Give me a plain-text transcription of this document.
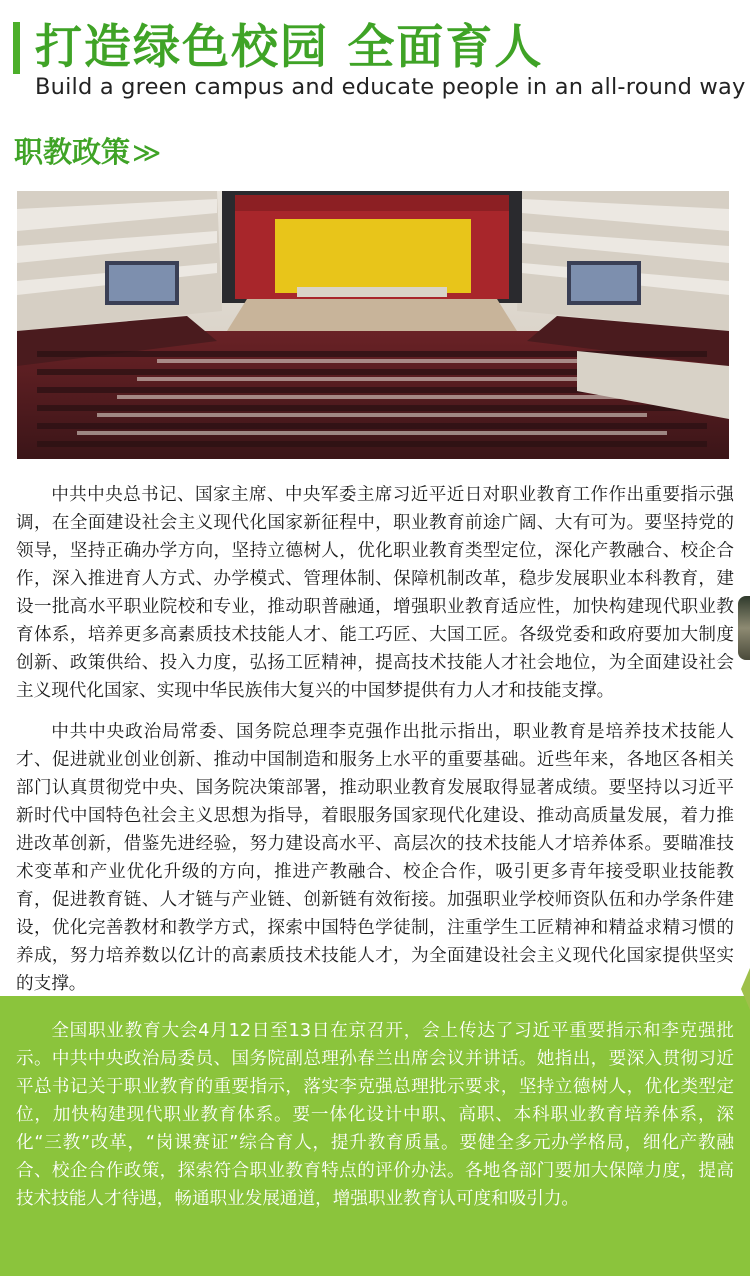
打造绿色校园 全面育人
Build a green campus and educate people in an all-round way
职教政策≫

中共中央总书记、国家主席、中央军委主席习近平近日对职业教育工作作出重要指示强调，在全面建设社会主义现代化国家新征程中，职业教育前途广阔、大有可为。要坚持党的领导，坚持正确办学方向，坚持立德树人，优化职业教育类型定位，深化产教融合、校企合作，深入推进育人方式、办学模式、管理体制、保障机制改革，稳步发展职业本科教育，建设一批高水平职业院校和专业，推动职普融通，增强职业教育适应性，加快构建现代职业教育体系，培养更多高素质技术技能人才、能工巧匠、大国工匠。各级党委和政府要加大制度创新、政策供给、投入力度，弘扬工匠精神，提高技术技能人才社会地位，为全面建设社会主义现代化国家、实现中华民族伟大复兴的中国梦提供有力人才和技能支撑。

中共中央政治局常委、国务院总理李克强作出批示指出，职业教育是培养技术技能人才、促进就业创业创新、推动中国制造和服务上水平的重要基础。近些年来，各地区各相关部门认真贯彻党中央、国务院决策部署，推动职业教育发展取得显著成绩。要坚持以习近平新时代中国特色社会主义思想为指导，着眼服务国家现代化建设、推动高质量发展，着力推进改革创新，借鉴先进经验，努力建设高水平、高层次的技术技能人才培养体系。要瞄准技术变革和产业优化升级的方向，推进产教融合、校企合作，吸引更多青年接受职业技能教育，促进教育链、人才链与产业链、创新链有效衔接。加强职业学校师资队伍和办学条件建设，优化完善教材和教学方式，探索中国特色学徒制，注重学生工匠精神和精益求精习惯的养成，努力培养数以亿计的高素质技术技能人才，为全面建设社会主义现代化国家提供坚实的支撑。

全国职业教育大会4月12日至13日在京召开，会上传达了习近平重要指示和李克强批示。中共中央政治局委员、国务院副总理孙春兰出席会议并讲话。她指出，要深入贯彻习近平总书记关于职业教育的重要指示，落实李克强总理批示要求，坚持立德树人，优化类型定位，加快构建现代职业教育体系。要一体化设计中职、高职、本科职业教育培养体系，深化“三教”改革，“岗课赛证”综合育人，提升教育质量。要健全多元办学格局，细化产教融合、校企合作政策，探索符合职业教育特点的评价办法。各地各部门要加大保障力度，提高技术技能人才待遇，畅通职业发展通道，增强职业教育认可度和吸引力。
